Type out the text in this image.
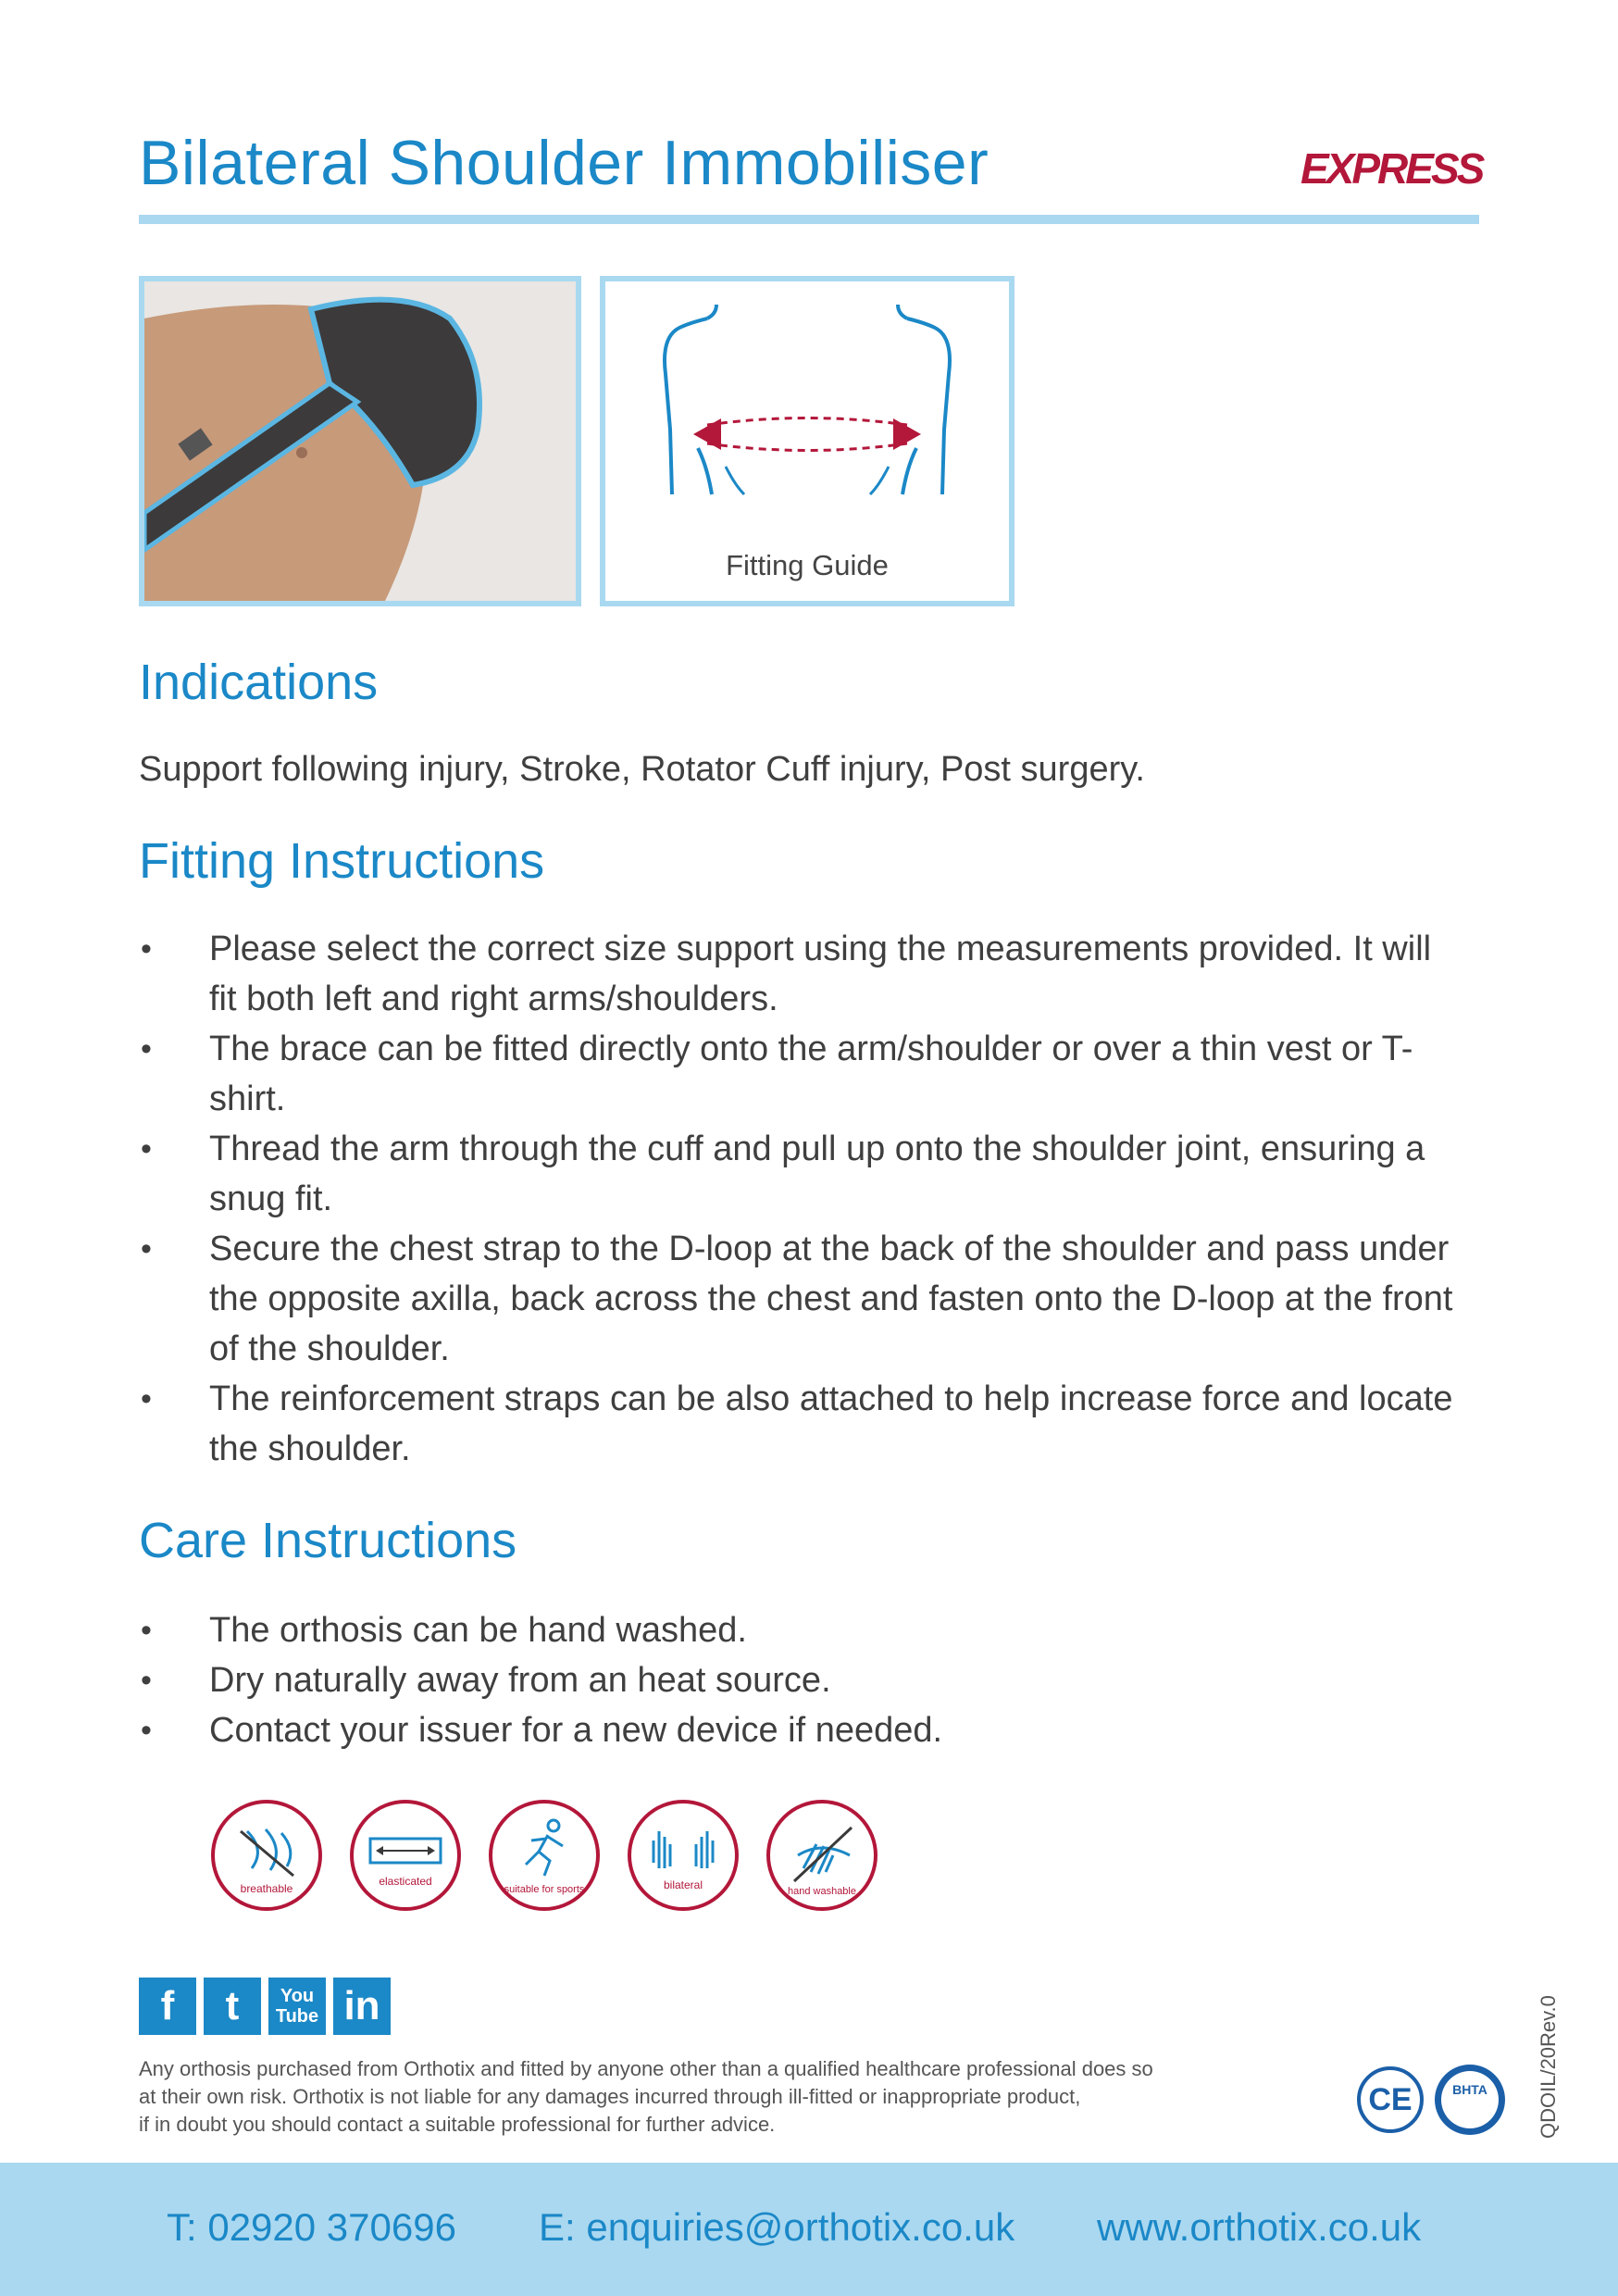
Bilateral Shoulder Immobiliser	EXPRESS
Fitting Guide
Indications

Support following injury, Stroke, Rotator Cuff injury, Post surgery.

Fitting Instructions
• Please select the correct size support using the measurements provided. It will fit both left and right arms/shoulders.
• The brace can be fitted directly onto the arm/shoulder or over a thin vest or T-shirt.
• Thread the arm through the cuff and pull up onto the shoulder joint, ensuring a snug fit.
• Secure the chest strap to the D-loop at the back of the shoulder and pass under the opposite axilla, back across the chest and fasten onto the D-loop at the front of the shoulder.
• The reinforcement straps can be also attached to help increase force and locate the shoulder.
Care Instructions
• The orthosis can be hand washed.
• Dry naturally away from an heat source.
• Contact your issuer for a new device if needed.
breathable
elasticated
suitable for sports	bilateral	hand washable
f	t	You
Tube in

Any orthosis purchased from Orthotix and fitted by anyone other than a qualified healthcare professional does so
at their own risk. Orthotix is not liable for any damages incurred through ill-fitted or inappropriate product,
if in doubt you should contact a suitable professional for further advice.

CE	BHTA	QDOIL/20Rev.0
T: 02920 370696 E: enquiries@orthotix.co.uk www.orthotix.co.uk
